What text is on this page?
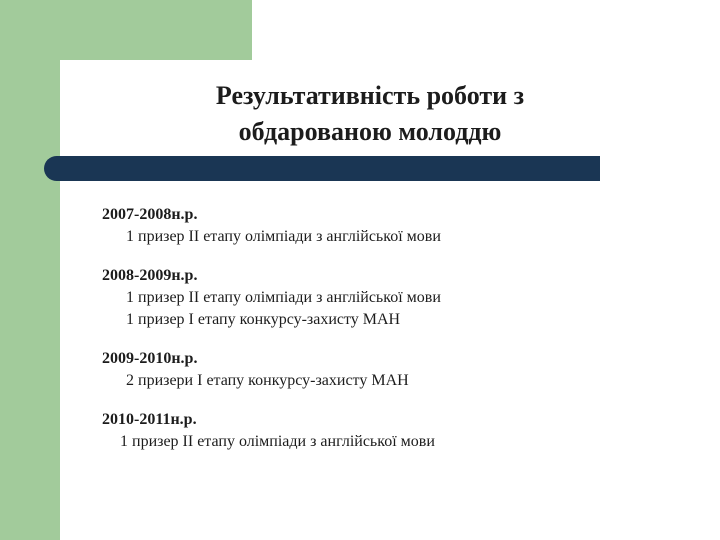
Результативність роботи з
обдарованою молоддю
2007-2008н.р.
1 призер ІІ етапу олімпіади з англійської мови
2008-2009н.р.
1 призер ІІ етапу олімпіади з англійської мови
1 призер І етапу конкурсу-захисту МАН
2009-2010н.р.
2 призери І етапу конкурсу-захисту МАН
2010-2011н.р.
1 призер ІІ етапу олімпіади з англійської мови
